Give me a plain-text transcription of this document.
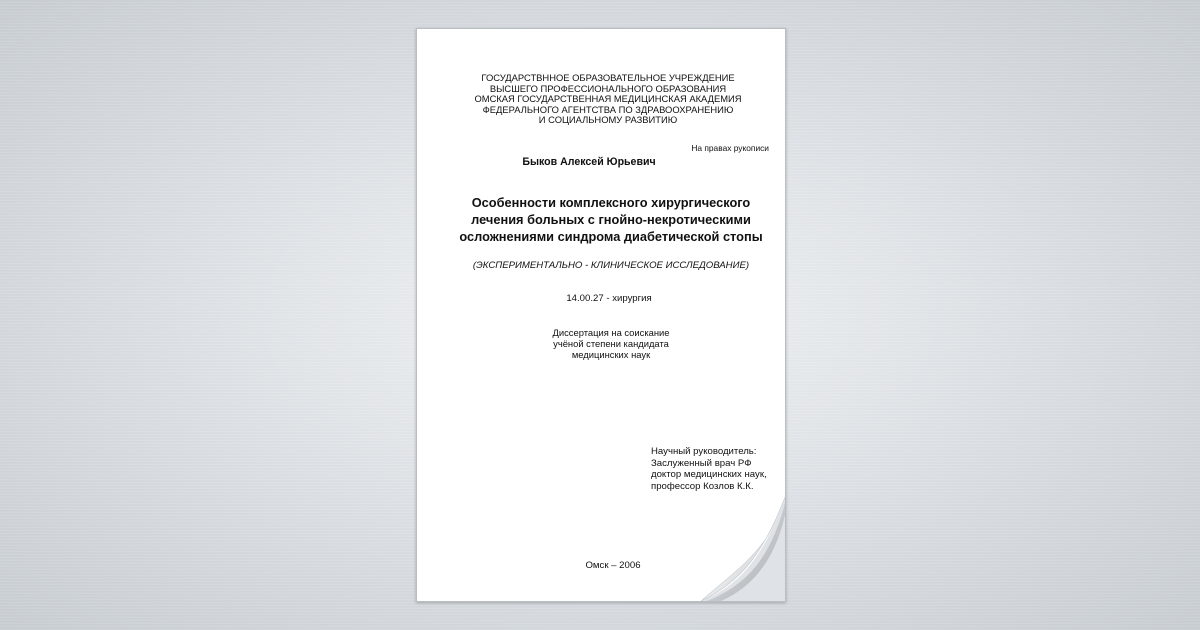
ГОСУДАРСТВННОЕ ОБРАЗОВАТЕЛЬНОЕ УЧРЕЖДЕНИЕ
ВЫСШЕГО ПРОФЕССИОНАЛЬНОГО ОБРАЗОВАНИЯ
ОМСКАЯ ГОСУДАРСТВЕННАЯ МЕДИЦИНСКАЯ АКАДЕМИЯ
ФЕДЕРАЛЬНОГО АГЕНТСТВА ПО ЗДРАВООХРАНЕНИЮ
И СОЦИАЛЬНОМУ РАЗВИТИЮ
На правах рукописи
Быков Алексей Юрьевич
Особенности комплексного хирургического
лечения больных с гнойно-некротическими
осложнениями синдрома диабетической стопы
(ЭКСПЕРИМЕНТАЛЬНО - КЛИНИЧЕСКОЕ ИССЛЕДОВАНИЕ)
14.00.27 - хирургия
Диссертация на соискание
учёной степени кандидата
медицинских наук
Научный руководитель:
Заслуженный врач РФ
доктор медицинских наук,
профессор Козлов К.К.
Омск – 2006
